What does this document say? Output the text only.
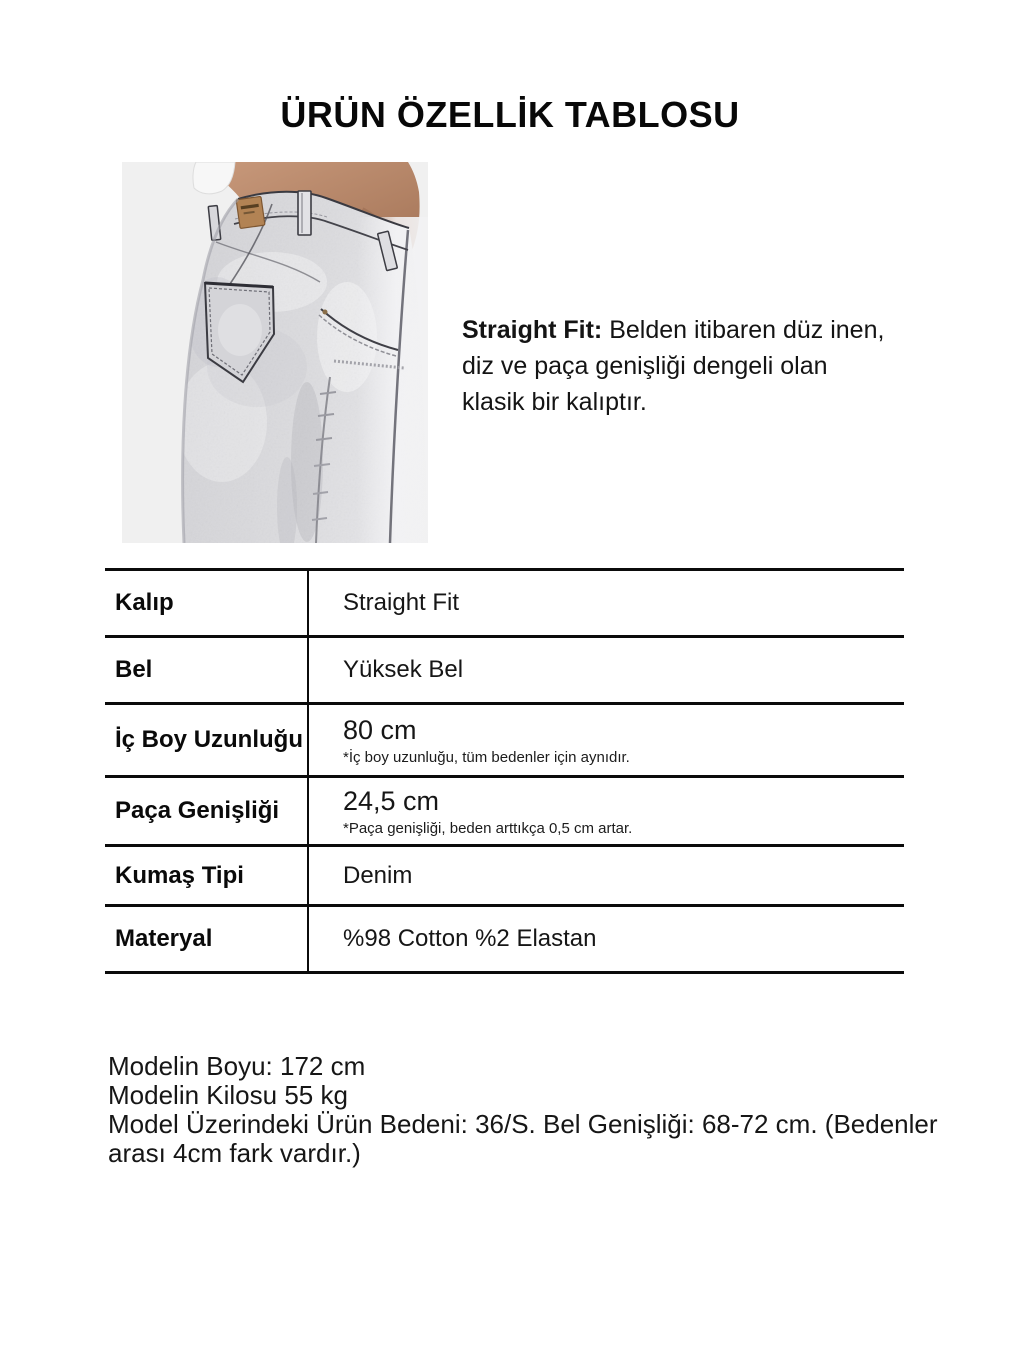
ÜRÜN ÖZELLİK TABLOSU
Straight Fit: Belden itibaren düz inen,
diz ve paça genişliği dengeli olan
klasik bir kalıptır.
Kalıp	Straight Fit
Bel	Yüksek Bel
İç Boy Uzunluğu 80 cm
*İç boy uzunluğu, tüm bedenler için aynıdır.
Paça Genişliği	24,5 cm
*Paça genişliği, beden arttıkça 0,5 cm artar.
Kumaş Tipi	Denim
Materyal	%98 Cotton %2 Elastan
Modelin Boyu: 172 cm
Modelin Kilosu 55 kg
Model Üzerindeki Ürün Bedeni: 36/S. Bel Genişliği: 68-72 cm. (Bedenler
arası 4cm fark vardır.)
